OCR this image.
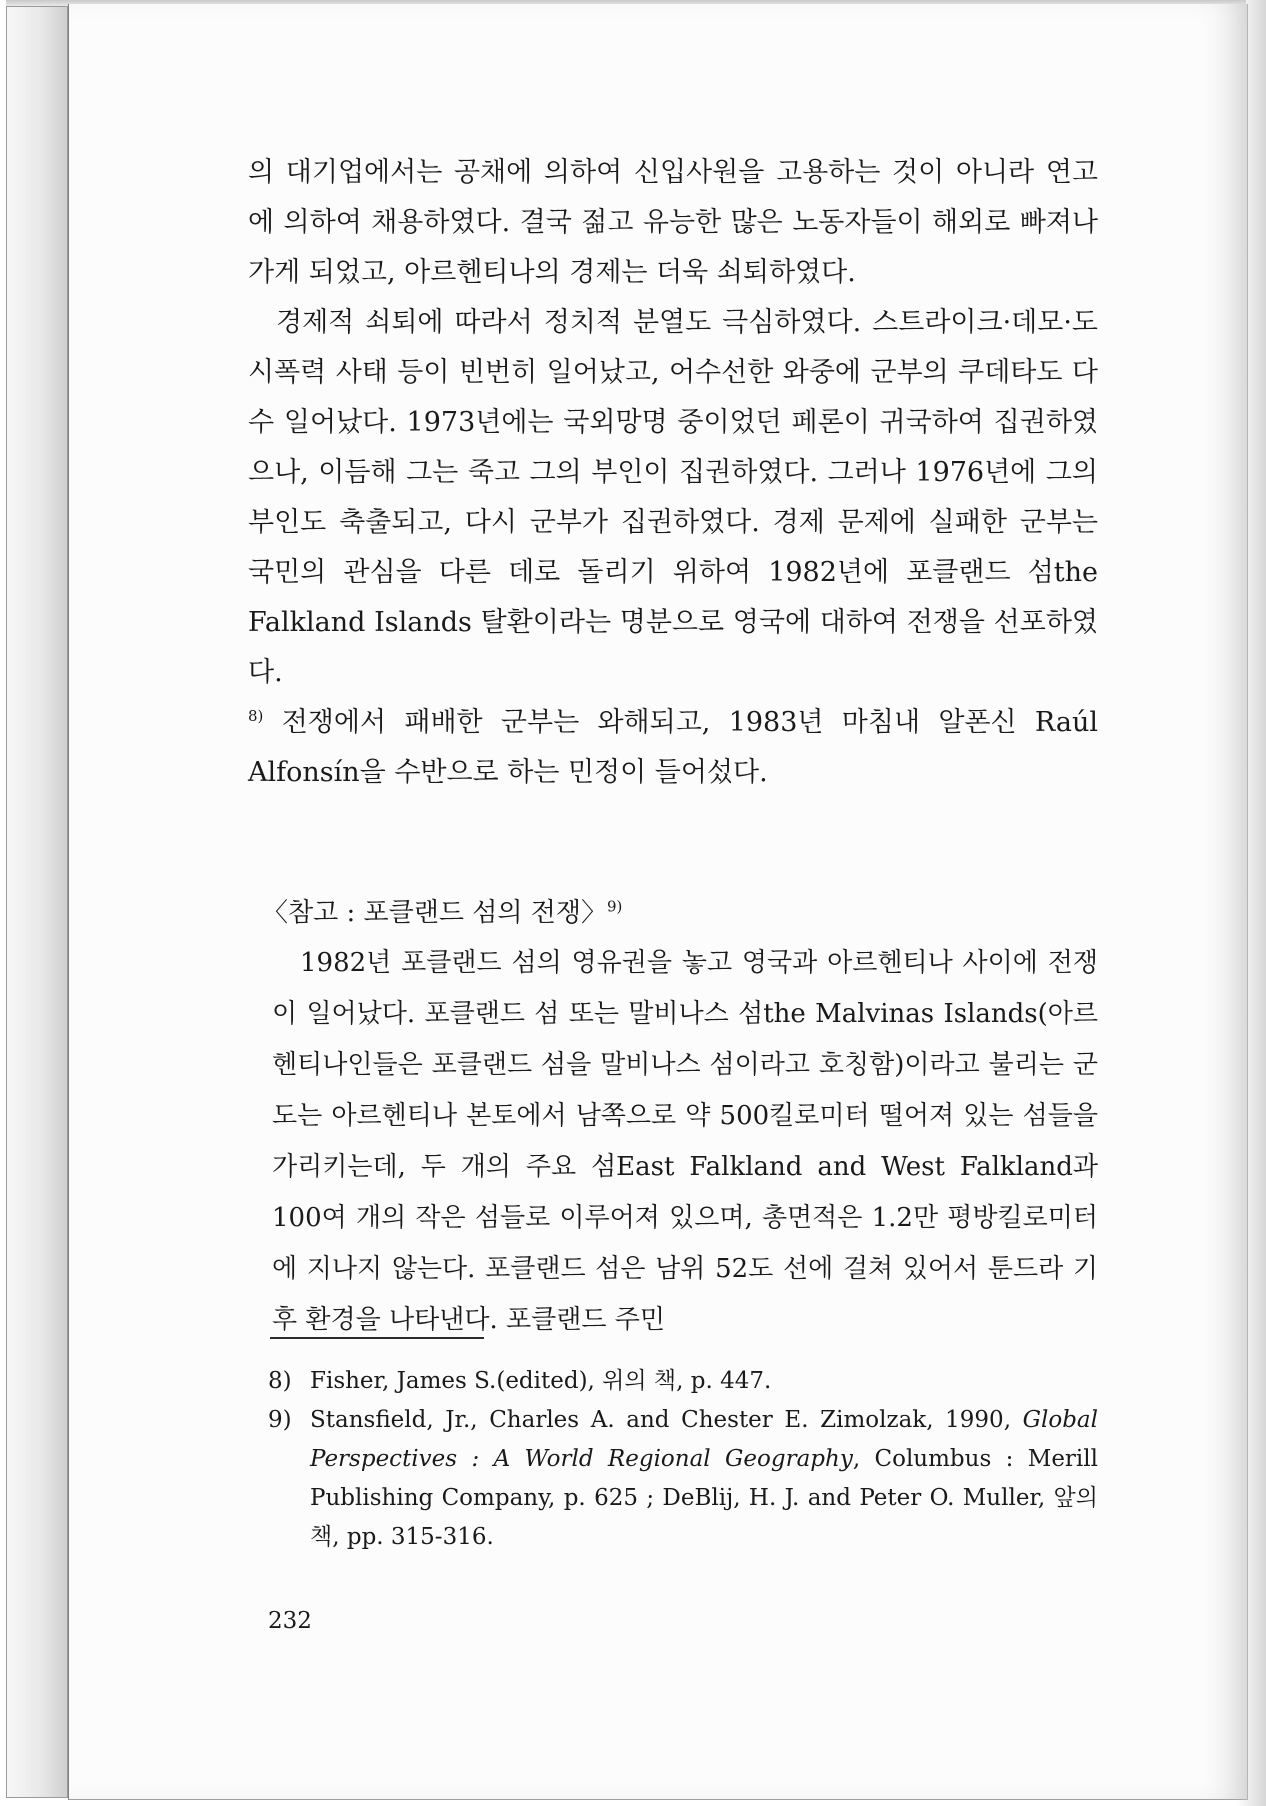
의 대기업에서는 공채에 의하여 신입사원을 고용하는 것이 아니라 연고에 의하여 채용하였다. 결국 젊고 유능한 많은 노동자들이 해외로 빠져나가게 되었고, 아르헨티나의 경제는 더욱 쇠퇴하였다.

경제적 쇠퇴에 따라서 정치적 분열도 극심하였다. 스트라이크·데모·도시폭력 사태 등이 빈번히 일어났고, 어수선한 와중에 군부의 쿠데타도 다수 일어났다. 1973년에는 국외망명 중이었던 페론이 귀국하여 집권하였으나, 이듬해 그는 죽고 그의 부인이 집권하였다. 그러나 1976년에 그의 부인도 축출되고, 다시 군부가 집권하였다. 경제 문제에 실패한 군부는 국민의 관심을 다른 데로 돌리기 위하여 1982년에 포클랜드 섬the Falkland Islands 탈환이라는 명분으로 영국에 대하여 전쟁을 선포하였다.

$^{8)}$ 전쟁에서 패배한 군부는 와해되고, 1983년 마침내 알폰신 Raúl Alfonsín을 수반으로 하는 민정이 들어섰다.

〈참고 : 포클랜드 섬의 전쟁〉$^{9)}$

1982년 포클랜드 섬의 영유권을 놓고 영국과 아르헨티나 사이에 전쟁이 일어났다. 포클랜드 섬 또는 말비나스 섬the Malvinas Islands(아르헨티나인들은 포클랜드 섬을 말비나스 섬이라고 호칭함)이라고 불리는 군도는 아르헨티나 본토에서 남쪽으로 약 500킬로미터 떨어져 있는 섬들을 가리키는데, 두 개의 주요 섬East Falkland and West Falkland과 100여 개의 작은 섬들로 이루어져 있으며, 총면적은 1.2만 평방킬로미터에 지나지 않는다. 포클랜드 섬은 남위 52도 선에 걸쳐 있어서 툰드라 기후 환경을 나타낸다. 포클랜드 주민

8) Fisher, James S.(edited), 위의 책, p. 447.
9) Stansfield, Jr., Charles A. and Chester E. Zimolzak, 1990, Global Perspectives : A World Regional Geography, Columbus : Merill Publishing Company, p. 625 ; DeBlij, H. J. and Peter O. Muller, 앞의 책, pp. 315-316.
232
